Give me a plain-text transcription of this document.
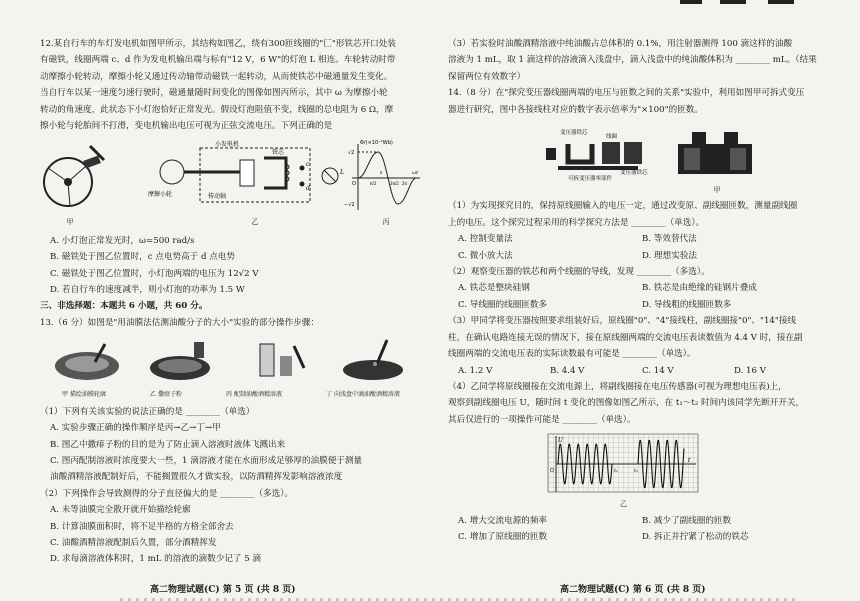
12.某自行车的车灯发电机如图甲所示，其结构如图乙，绕有300匝线圈的"匚"形铁芯开口处装

有磁铁，线圈两端 c、d 作为发电机输出端与标有"12 V，6 W"的灯泡 L 相连。车轮转动时带

动摩擦小轮转动，摩擦小轮又通过传动轴带动磁铁一起转动，从而使铁芯中磁通量发生变化。

当自行车以某一速度匀速行驶时，磁通量随时间变化的图像如图丙所示，其中 ω 为摩擦小轮

转动的角速度，此状态下小灯泡恰好正常发光。假设灯泡阻值不变，线圈的总电阻为 6 Ω，摩

擦小轮与轮胎间不打滑，变电机输出电压可视为正弦交流电压。下列正确的是

小发电机
摩擦小轮	传动轴
铁芯
c
d
L
Φ/(×10⁻²Wb)
√2
−√2
O
ωt
π/2
π
3π/2 2π
甲	乙	丙

A. 小灯泡正常发光时，ω=500 rad/s

B. 磁铁处于图乙位置时，c 点电势高于 d 点电势

C. 磁铁处于图乙位置时，小灯泡两端的电压为 12√2 V

D. 若自行车的速度减半，则小灯泡的功率为 1.5 W

三、非选择题：本题共 6 小题，共 60 分。

13.（6 分）如图是"用油膜法估测油酸分子的大小"实验的部分操作步骤：

甲 描绘油膜轮廓	乙 撒痱子粉	丙 配制油酸酒精溶液	丁 向浅盘中滴油酸酒精溶液

（1）下列有关该实验的说法正确的是 ________（单选）

A. 实验步骤正确的操作顺序是丙→乙→丁→甲

B. 图乙中撒痱子粉的目的是为了防止滴入溶液时液体飞溅出来

C. 图丙配制溶液时浓度要大一些，1 滴溶液才能在水面形成足够厚的油膜便于测量

油酸酒精溶液配制好后，不能搁置很久才做实验，以防酒精挥发影响溶液浓度

（2）下列操作会导致测得的分子直径偏大的是 ________（多选）。

A. 未等油膜完全散开就开始描绘轮廓

B. 计算油膜面积时，将不足半格的方格全部舍去

C. 油酸酒精溶液配制后久置，部分酒精挥发

D. 求每滴溶液体积时，1 mL 的溶液的滴数少记了 5 滴

高二物理试题(C) 第 5 页 (共 8 页)

（3）若实验时油酸酒精溶液中纯油酸占总体积的 0.1%，用注射器测得 100 滴这样的油酸

溶液为 1 mL，取 1 滴这样的溶液滴入浅盘中，滴入浅盘中的纯油酸体积为 ________ mL。（结果

保留两位有效数字）

14.（8 分）在"探究变压器线圈两端的电压与匝数之间的关系"实验中，利用如图甲可拆式变压

器进行研究，图中各接线柱对应的数字表示倍率为"×100"的匝数。

变压器铁芯
线圈
变压器铁芯
可拆变压器零部件
甲

（1）为实现探究目的，保持原线圈输入的电压一定，通过改变原、副线圈匝数，测量副线圈

上的电压。这个探究过程采用的科学探究方法是 ________（单选）。

A. 控制变量法	B. 等效替代法
C. 微小放大法	D. 理想实验法

（2）观察变压器的铁芯和两个线圈的导线，发现 ________（多选）。

A. 铁芯是整块硅钢	B. 铁芯是由绝缘的硅钢片叠成
C. 导线圈的线圈匝数多	D. 导线粗的线圈匝数多

（3）甲同学将变压器按照要求组装好后，原线圈"0"、"4"接线柱，副线圈接"0"、"14"接线

柱，在确认电路连接无误的情况下，接在原线圈两端的交流电压表读数值为 4.4 V 时，接在副

线圈两端的交流电压表的实际读数最有可能是 ________（单选）。

A. 1.2 V	B. 4.4 V	C. 14 V	D. 16 V

（4）乙同学将原线圈接在交流电源上，将副线圈接在电压传感器(可视为理想电压表)上，

观察到副线圈电压 U，随时间 t 变化的图像如图乙所示，在 t₁～t₂ 时间内该同学先断开开关，

其后仅进行的一项操作可能是 ________（单选）。

U
O	t₁	t₂
t
乙
A. 增大交流电源的频率	B. 减少了副线圈的匝数
C. 增加了原线圈的匝数	D. 拆正并拧紧了松动的铁芯
高二物理试题(C) 第 6 页 (共 8 页)
